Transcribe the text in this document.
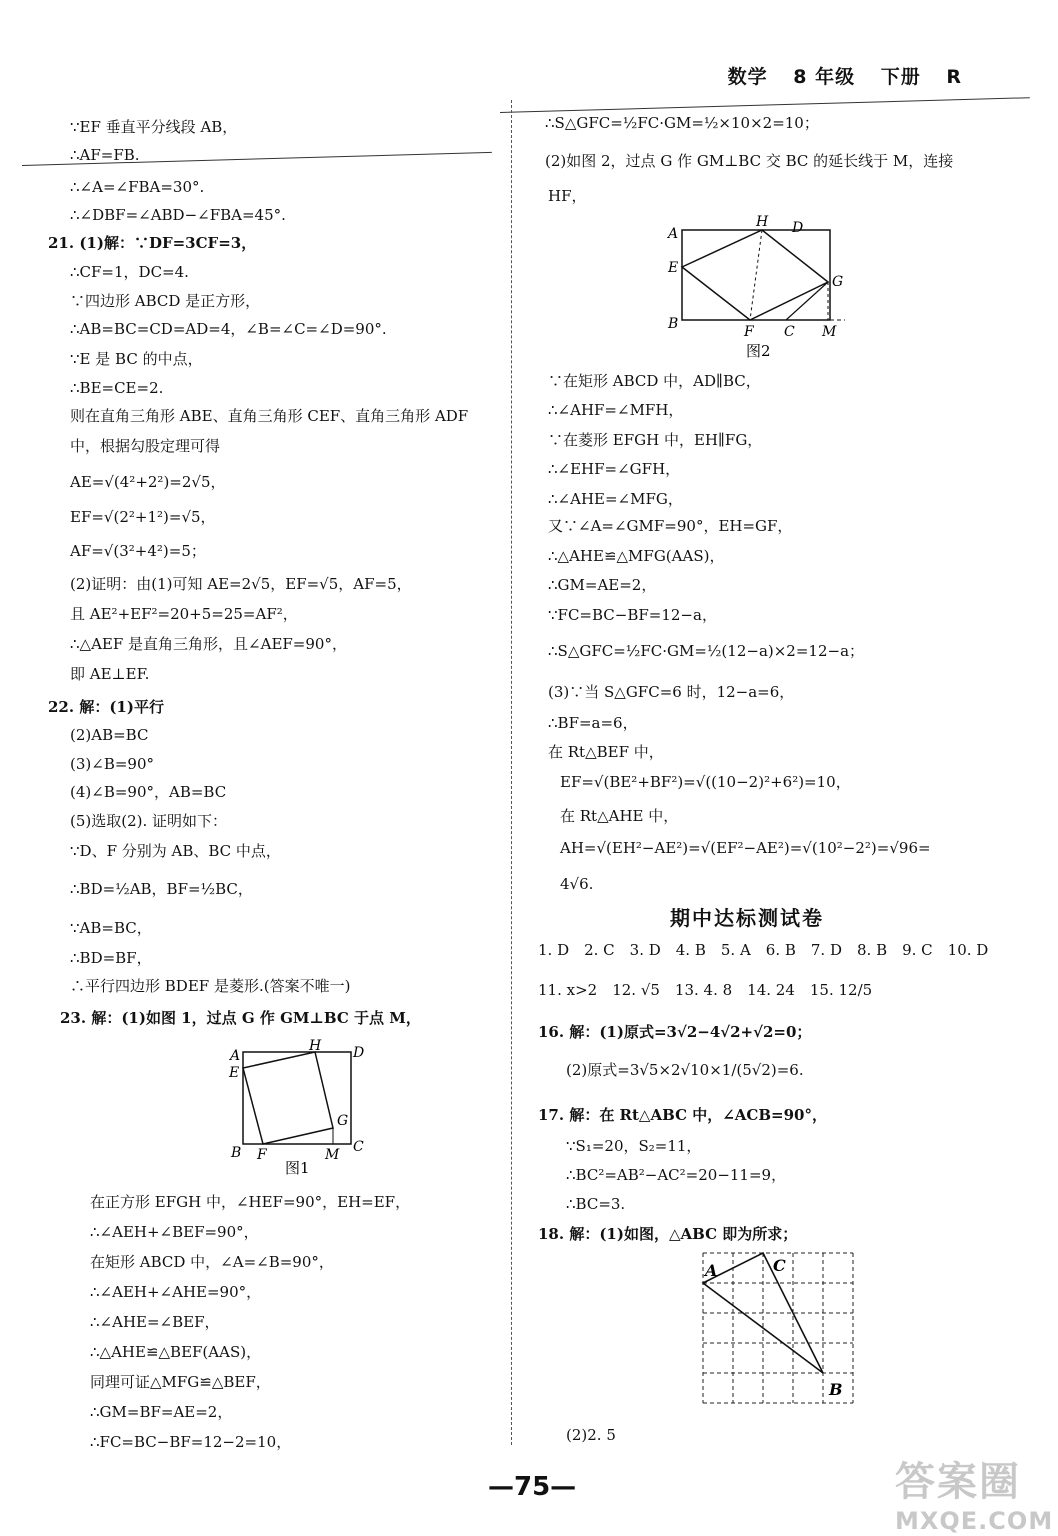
数学 8 年级 下册 R
∵EF 垂直平分线段 AB，
∴AF=FB.
∴∠A=∠FBA=30°.
∴∠DBF=∠ABD−∠FBA=45°.
21. (1)解：∵DF=3CF=3，
∴CF=1，DC=4.
∵四边形 ABCD 是正方形，
∴AB=BC=CD=AD=4，∠B=∠C=∠D=90°.
∵E 是 BC 的中点，
∴BE=CE=2.
则在直角三角形 ABE、直角三角形 CEF、直角三角形 ADF
中，根据勾股定理可得
AE=√(4²+2²)=2√5，
EF=√(2²+1²)=√5，
AF=√(3²+4²)=5；
(2)证明：由(1)可知 AE=2√5，EF=√5，AF=5，
且 AE²+EF²=20+5=25=AF²，
∴△AEF 是直角三角形，且∠AEF=90°，
即 AE⊥EF.
22. 解：(1)平行
(2)AB=BC
(3)∠B=90°
(4)∠B=90°，AB=BC
(5)选取(2). 证明如下：
∵D、F 分别为 AB、BC 中点，
∴BD=½AB，BF=½BC，
∵AB=BC，
∴BD=BF，
∴平行四边形 BDEF 是菱形.(答案不唯一)
23. 解：(1)如图 1，过点 G 作 GM⊥BC 于点 M，
在正方形 EFGH 中，∠HEF=90°，EH=EF，
∴∠AEH+∠BEF=90°，
在矩形 ABCD 中，∠A=∠B=90°，
∴∠AEH+∠AHE=90°，
∴∠AHE=∠BEF，
∴△AHE≌△BEF(AAS)，
同理可证△MFG≌△BEF，
∴GM=BF=AE=2，
∴FC=BC−BF=12−2=10，
A
H D
E
G
B F	M C
图1
∴S△GFC=½FC·GM=½×10×2=10；
(2)如图 2，过点 G 作 GM⊥BC 交 BC 的延长线于 M，连接
HF，
∵在矩形 ABCD 中，AD∥BC，
∴∠AHF=∠MFH，
∵在菱形 EFGH 中，EH∥FG，
∴∠EHF=∠GFH，
∴∠AHE=∠MFG，
又∵∠A=∠GMF=90°，EH=GF，
∴△AHE≌△MFG(AAS)，
∴GM=AE=2，
∵FC=BC−BF=12−a，
∴S△GFC=½FC·GM=½(12−a)×2=12−a；
(3)∵当 S△GFC=6 时，12−a=6，
∴BF=a=6，
在 Rt△BEF 中，
EF=√(BE²+BF²)=√((10−2)²+6²)=10，
在 Rt△AHE 中，
AH=√(EH²−AE²)=√(EF²−AE²)=√(10²−2²)=√96=
4√6.
1. D　2. C　3. D　4. B　5. A　6. B　7. D　8. B　9. C　10. D
11. x>2　12. √5　13. 4. 8　14. 24　15. 12/5
16. 解：(1)原式=3√2−4√2+√2=0；
(2)原式=3√5×2√10×1/(5√2)=6.
17. 解：在 Rt△ABC 中，∠ACB=90°，
∵S₁=20，S₂=11，
∴BC²=AB²−AC²=20−11=9，
∴BC=3.
18. 解：(1)如图，△ABC 即为所求；
(2)2. 5
A
H D
E
G
B	F C M
图2
期中达标测试卷
A	C
B
—75—	答案圈
MXQE.COM
